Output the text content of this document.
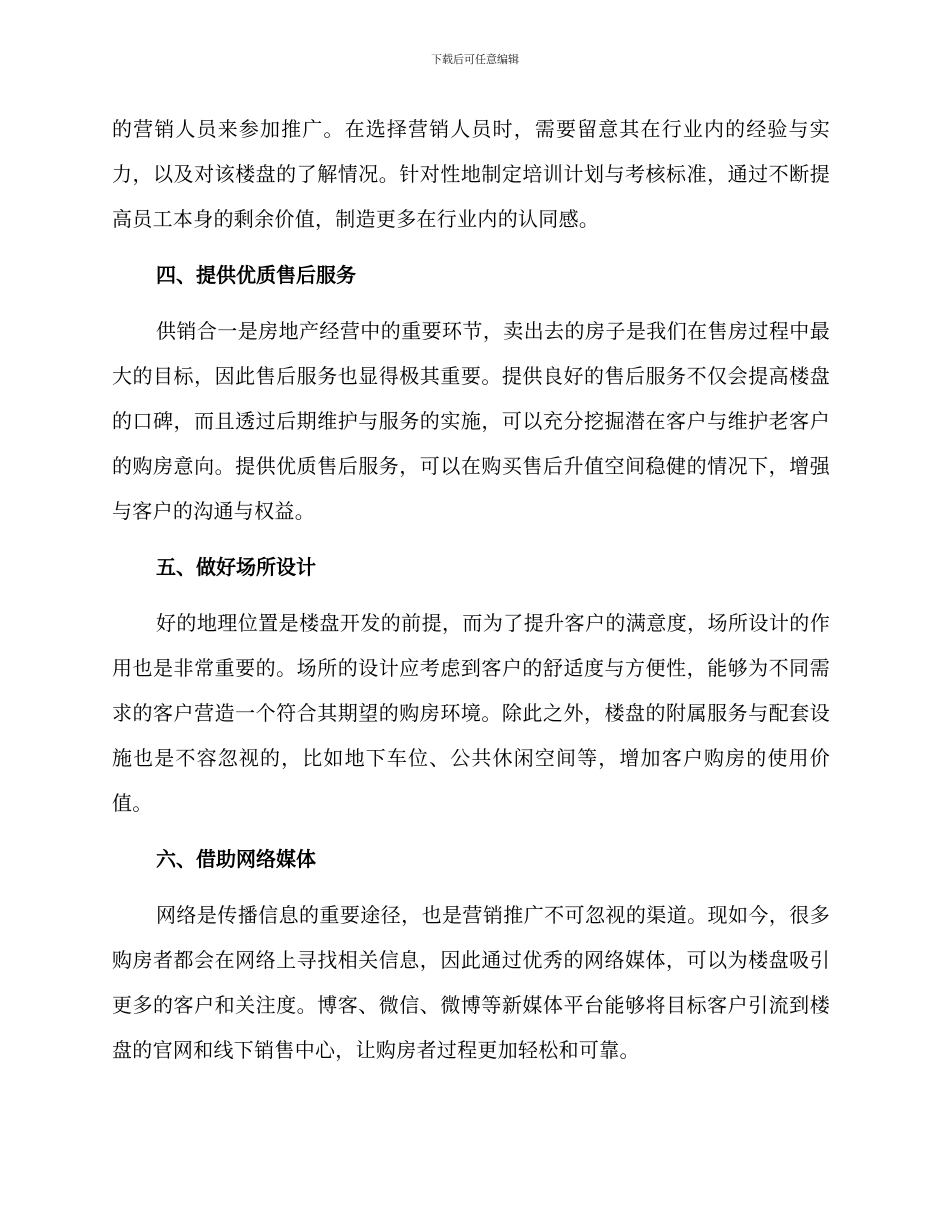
下载后可任意编辑

的营销人员来参加推广。在选择营销人员时，需要留意其在行业内的经验与实力，以及对该楼盘的了解情况。针对性地制定培训计划与考核标准，通过不断提高员工本身的剩余价值，制造更多在行业内的认同感。

四、提供优质售后服务

供销合一是房地产经营中的重要环节，卖出去的房子是我们在售房过程中最大的目标，因此售后服务也显得极其重要。提供良好的售后服务不仅会提高楼盘的口碑，而且透过后期维护与服务的实施，可以充分挖掘潜在客户与维护老客户的购房意向。提供优质售后服务，可以在购买售后升值空间稳健的情况下，增强与客户的沟通与权益。

五、做好场所设计

好的地理位置是楼盘开发的前提，而为了提升客户的满意度，场所设计的作用也是非常重要的。场所的设计应考虑到客户的舒适度与方便性，能够为不同需求的客户营造一个符合其期望的购房环境。除此之外，楼盘的附属服务与配套设施也是不容忽视的，比如地下车位、公共休闲空间等，增加客户购房的使用价值。

六、借助网络媒体

网络是传播信息的重要途径，也是营销推广不可忽视的渠道。现如今，很多购房者都会在网络上寻找相关信息，因此通过优秀的网络媒体，可以为楼盘吸引更多的客户和关注度。博客、微信、微博等新媒体平台能够将目标客户引流到楼盘的官网和线下销售中心，让购房者过程更加轻松和可靠。
